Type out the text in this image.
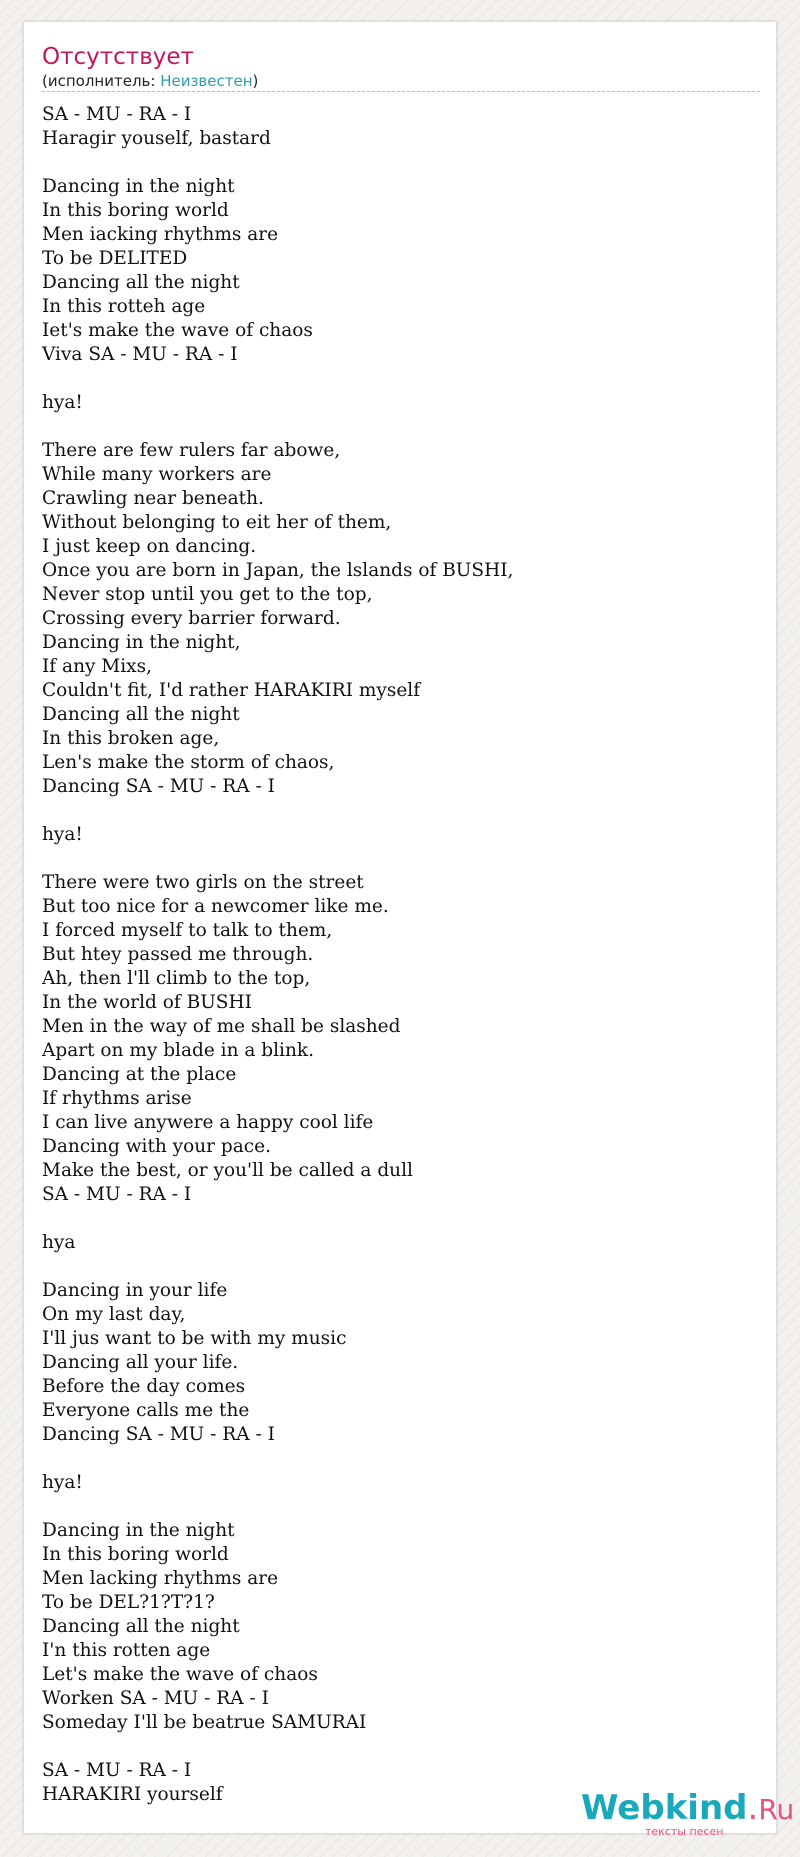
Отсутствует
(исполнитель: Неизвестен)
SA - MU - RA - I
Haragir youself, bastard
Dancing in the night
In this boring world
Men iacking rhythms are
To be DELITED
Dancing all the night
In this rotteh age
Iet's make the wave of chaos
Viva SA - MU - RA - I
hya!
There are few rulers far abowe,
While many workers are
Crawling near beneath.
Without belonging to eit her of them,
I just keep on dancing.
Once you are born in Japan, the lslands of BUSHI,
Never stop until you get to the top,
Crossing every barrier forward.
Dancing in the night,
If any Mixs,
Couldn't fit, I'd rather HARAKIRI myself
Dancing all the night
In this broken age,
Len's make the storm of chaos,
Dancing SA - MU - RA - I
hya!
There were two girls on the street
But too nice for a newcomer like me.
I forced myself to talk to them,
But htey passed me through.
Ah, then l'll climb to the top,
In the world of BUSHI
Men in the way of me shall be slashed
Apart on my blade in a blink.
Dancing at the place
If rhythms arise
I can live anywere a happy cool life
Dancing with your pace.
Make the best, or you'll be called a dull
SA - MU - RA - I
hya
Dancing in your life
On my last day,
I'll jus want to be with my music
Dancing all your life.
Before the day comes
Everyone calls me the
Dancing SA - MU - RA - I
hya!
Dancing in the night
In this boring world
Men lacking rhythms are
To be DEL?1?T?1?
Dancing all the night
I'n this rotten age
Let's make the wave of chaos
Worken SA - MU - RA - I
Someday I'll be beatrue SAMURAI
SA - MU - RA - I
HARAKIRI yourself	Webkind.Ru
тексты песен
